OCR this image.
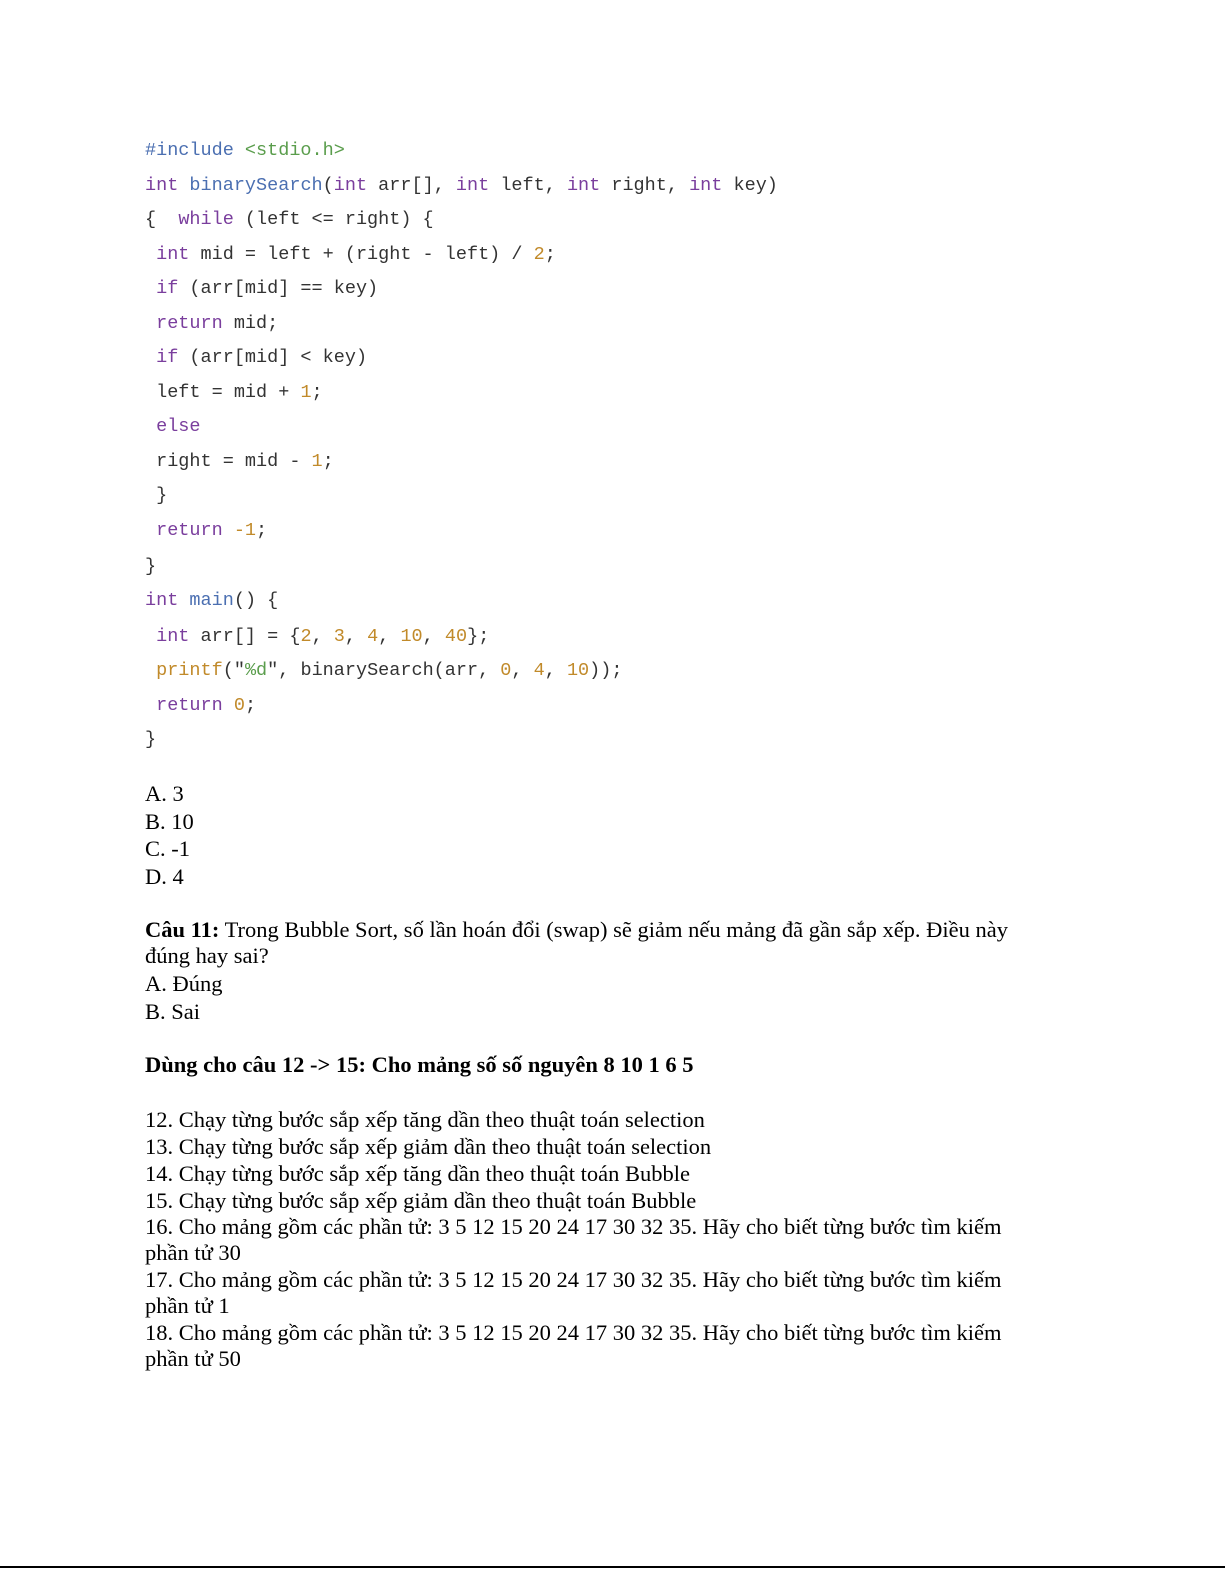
#include <stdio.h>
int binarySearch(int arr[], int left, int right, int key)
{  while (left <= right) {
int mid = left + (right - left) / 2;
if (arr[mid] == key)
return mid;
if (arr[mid] < key)
left = mid + 1;
else
right = mid - 1;
}
return -1;
}
int main() {
int arr[] = {2, 3, 4, 10, 40};
printf("%d", binarySearch(arr, 0, 4, 10));
return 0;
}
A. 3
B. 10
C. -1
D. 4
Câu 11: Trong Bubble Sort, số lần hoán đổi (swap) sẽ giảm nếu mảng đã gần sắp xếp. Điều này
đúng hay sai?
A. Đúng
B. Sai
Dùng cho câu 12 -> 15: Cho mảng số số nguyên 8 10 1 6 5
12. Chạy từng bước sắp xếp tăng dần theo thuật toán selection
13. Chạy từng bước sắp xếp giảm dần theo thuật toán selection
14. Chạy từng bước sắp xếp tăng dần theo thuật toán Bubble
15. Chạy từng bước sắp xếp giảm dần theo thuật toán Bubble
16. Cho mảng gồm các phần tử: 3 5 12 15 20 24 17 30 32 35. Hãy cho biết từng bước tìm kiếm
phần tử 30
17. Cho mảng gồm các phần tử: 3 5 12 15 20 24 17 30 32 35. Hãy cho biết từng bước tìm kiếm
phần tử 1
18. Cho mảng gồm các phần tử: 3 5 12 15 20 24 17 30 32 35. Hãy cho biết từng bước tìm kiếm
phần tử 50
